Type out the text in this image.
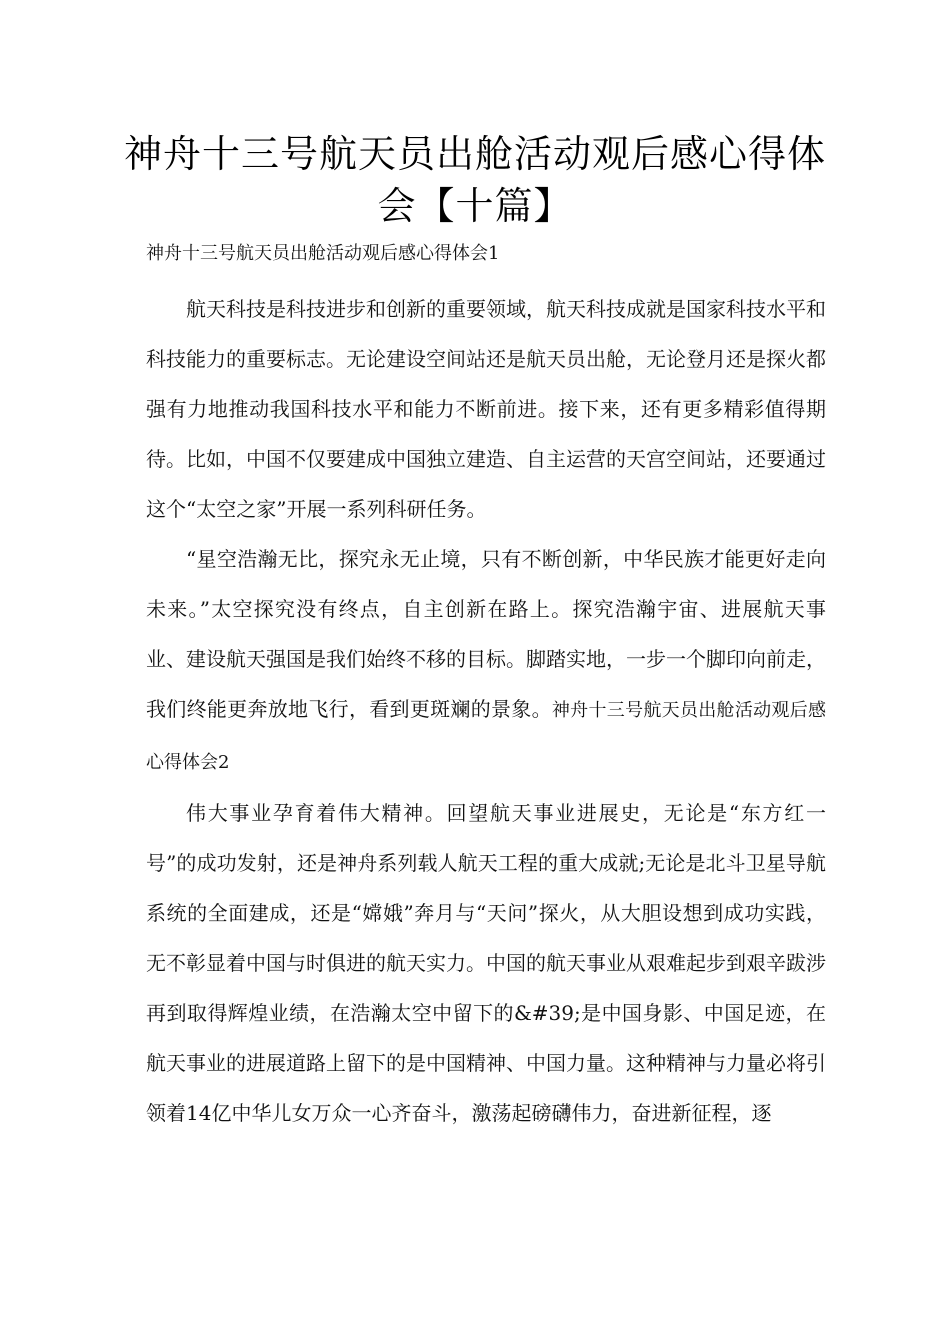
神舟十三号航天员出舱活动观后感心得体会【十篇】
神舟十三号航天员出舱活动观后感心得体会1

航天科技是科技进步和创新的重要领域，航天科技成就是国家科技水平和科技能力的重要标志。无论建设空间站还是航天员出舱，无论登月还是探火都强有力地推动我国科技水平和能力不断前进。接下来，还有更多精彩值得期待。比如，中国不仅要建成中国独立建造、自主运营的天宫空间站，还要通过这个“太空之家”开展一系列科研任务。

“星空浩瀚无比，探究永无止境，只有不断创新，中华民族才能更好走向未来。”太空探究没有终点，自主创新在路上。探究浩瀚宇宙、进展航天事业、建设航天强国是我们始终不移的目标。脚踏实地，一步一个脚印向前走，我们终能更奔放地飞行，看到更斑斓的景象。神舟十三号航天员出舱活动观后感心得体会2

伟大事业孕育着伟大精神。回望航天事业进展史，无论是“东方红一号”的成功发射，还是神舟系列载人航天工程的重大成就;无论是北斗卫星导航系统的全面建成，还是“嫦娥”奔月与“天问”探火，从大胆设想到成功实践，无不彰显着中国与时俱进的航天实力。中国的航天事业从艰难起步到艰辛跋涉再到取得辉煌业绩，在浩瀚太空中留下的&#39;是中国身影、中国足迹，在航天事业的进展道路上留下的是中国精神、中国力量。这种精神与力量必将引领着14亿中华儿女万众一心齐奋斗，激荡起磅礴伟力，奋进新征程，逐
